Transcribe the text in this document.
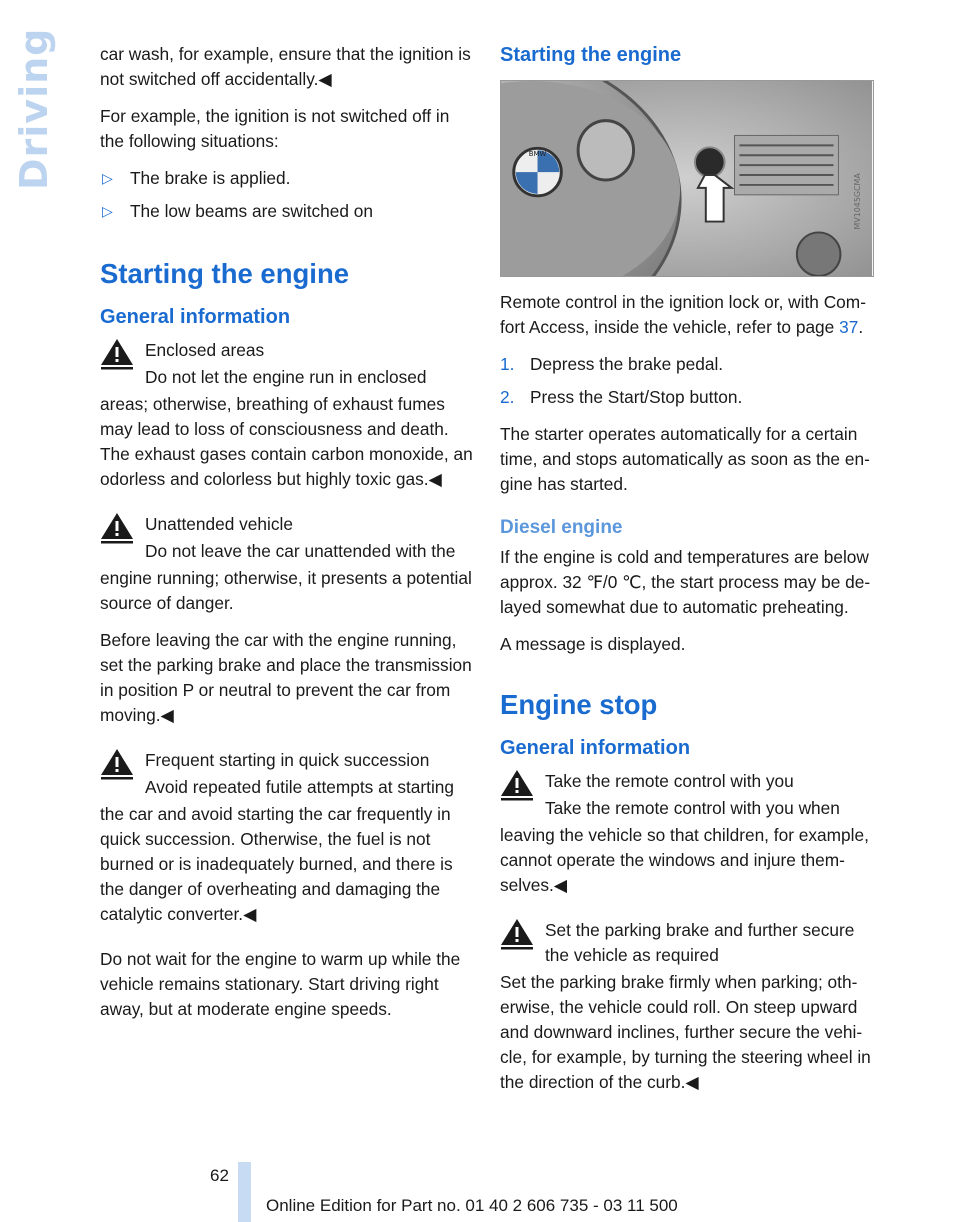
Driving	car wash, for example, ensure that the ignition is not switched off accidentally.◀

For example, the ignition is not switched off in the following situations:

▷ The brake is applied.
▷ The low beams are switched on
Starting the engine
General information

Enclosed areas

Do not let the engine run in enclosed

areas; otherwise, breathing of exhaust fumes may lead to loss of consciousness and death. The exhaust gases contain carbon monoxide, an odorless and colorless but highly toxic gas.◀

Unattended vehicle

Do not leave the car unattended with the

engine running; otherwise, it presents a potential source of danger.

Before leaving the car with the engine running, set the parking brake and place the transmission in position P or neutral to prevent the car from moving.◀

Frequent starting in quick succession

Avoid repeated futile attempts at starting

the car and avoid starting the car frequently in quick succession. Otherwise, the fuel is not burned or is inadequately burned, and there is the danger of overheating and damaging the catalytic converter.◀

Do not wait for the engine to warm up while the vehicle remains stationary. Start driving right away, but at moderate engine speeds.

Starting the engine
BMW
MV1045GCMA

Remote control in the ignition lock or, with Comfort Access, inside the vehicle, refer to page 37.

1. Depress the brake pedal.
2. Press the Start/Stop button.

The starter operates automatically for a certain time, and stops automatically as soon as the engine has started.

Diesel engine

If the engine is cold and temperatures are below approx. 32 ℉/0 ℃, the start process may be delayed somewhat due to automatic preheating.

A message is displayed.

Engine stop
General information

Take the remote control with you

Take the remote control with you when

leaving the vehicle so that children, for example, cannot operate the windows and injure themselves.◀

Set the parking brake and further secure the vehicle as required

Set the parking brake firmly when parking; otherwise, the vehicle could roll. On steep upward and downward inclines, further secure the vehicle, for example, by turning the steering wheel in the direction of the curb.◀

62
Online Edition for Part no. 01 40 2 606 735 - 03 11 500
